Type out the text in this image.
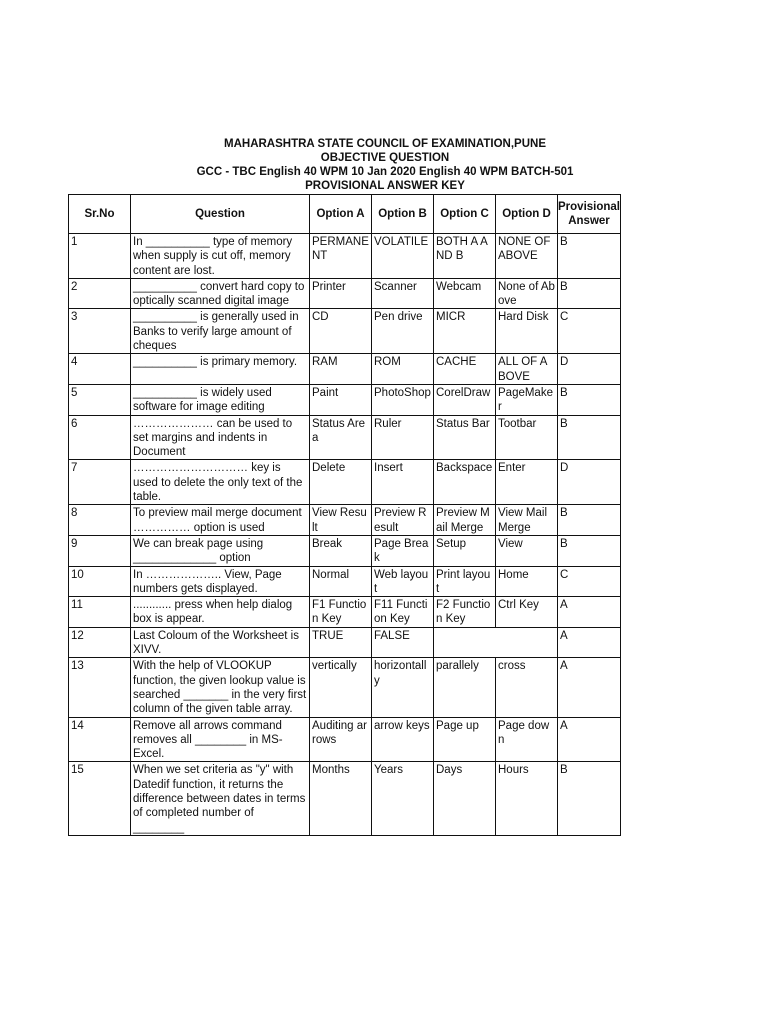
MAHARASHTRA STATE COUNCIL OF EXAMINATION,PUNE
OBJECTIVE QUESTION
GCC - TBC English 40 WPM 10 Jan 2020 English 40 WPM BATCH-501
PROVISIONAL ANSWER KEY
Sr.No	Question	Option A	Option B	Option C	Option D	Provisional Answer
1	In __________ type of memory when supply is cut off, memory content are lost.	PERMANENT	VOLATILE	BOTH A AND B	NONE OF ABOVE	B
2	__________ convert hard copy to optically scanned digital image	Printer	Scanner	Webcam	None of Above	B
3	__________ is generally used in Banks to verify large amount of cheques	CD	Pen drive	MICR	Hard Disk	C
4	__________ is primary memory.	RAM	ROM	CACHE	ALL OF ABOVE	D
5	__________ is widely used software for image editing	Paint	PhotoShop	CorelDraw	PageMaker	B
6	………………… can be used to set margins and indents in Document	Status Area	Ruler	Status Bar	Tootbar	B
7	………………………… key is used to delete the only text of the table.	Delete	Insert	Backspace	Enter	D
8	To preview mail merge document …………… option is used	View Result	Preview Result	Preview Mail Merge	View Mail Merge	B
9	We can break page using _____________ option	Break	Page Break	Setup	View	B
10	In ……………….. View, Page numbers gets displayed.	Normal	Web layout	Print layout	Home	C
11	............ press when help dialog box is appear.	F1 Function Key	F11 Function Key	F2 Function Key	Ctrl Key	A
12	Last Coloum of the Worksheet is XIVV.	TRUE	FALSE			A
13	With the help of VLOOKUP function, the given lookup value is searched _______ in the very first column of the given table array.	vertically	horizontally	parallely	cross	A
14	Remove all arrows command removes all ________ in MS-Excel.	Auditing arrows	arrow keys	Page up	Page down	A
15	When we set criteria as "y" with Datedif function, it returns the difference between dates in terms of completed number of ________	Months	Years	Days	Hours	B
